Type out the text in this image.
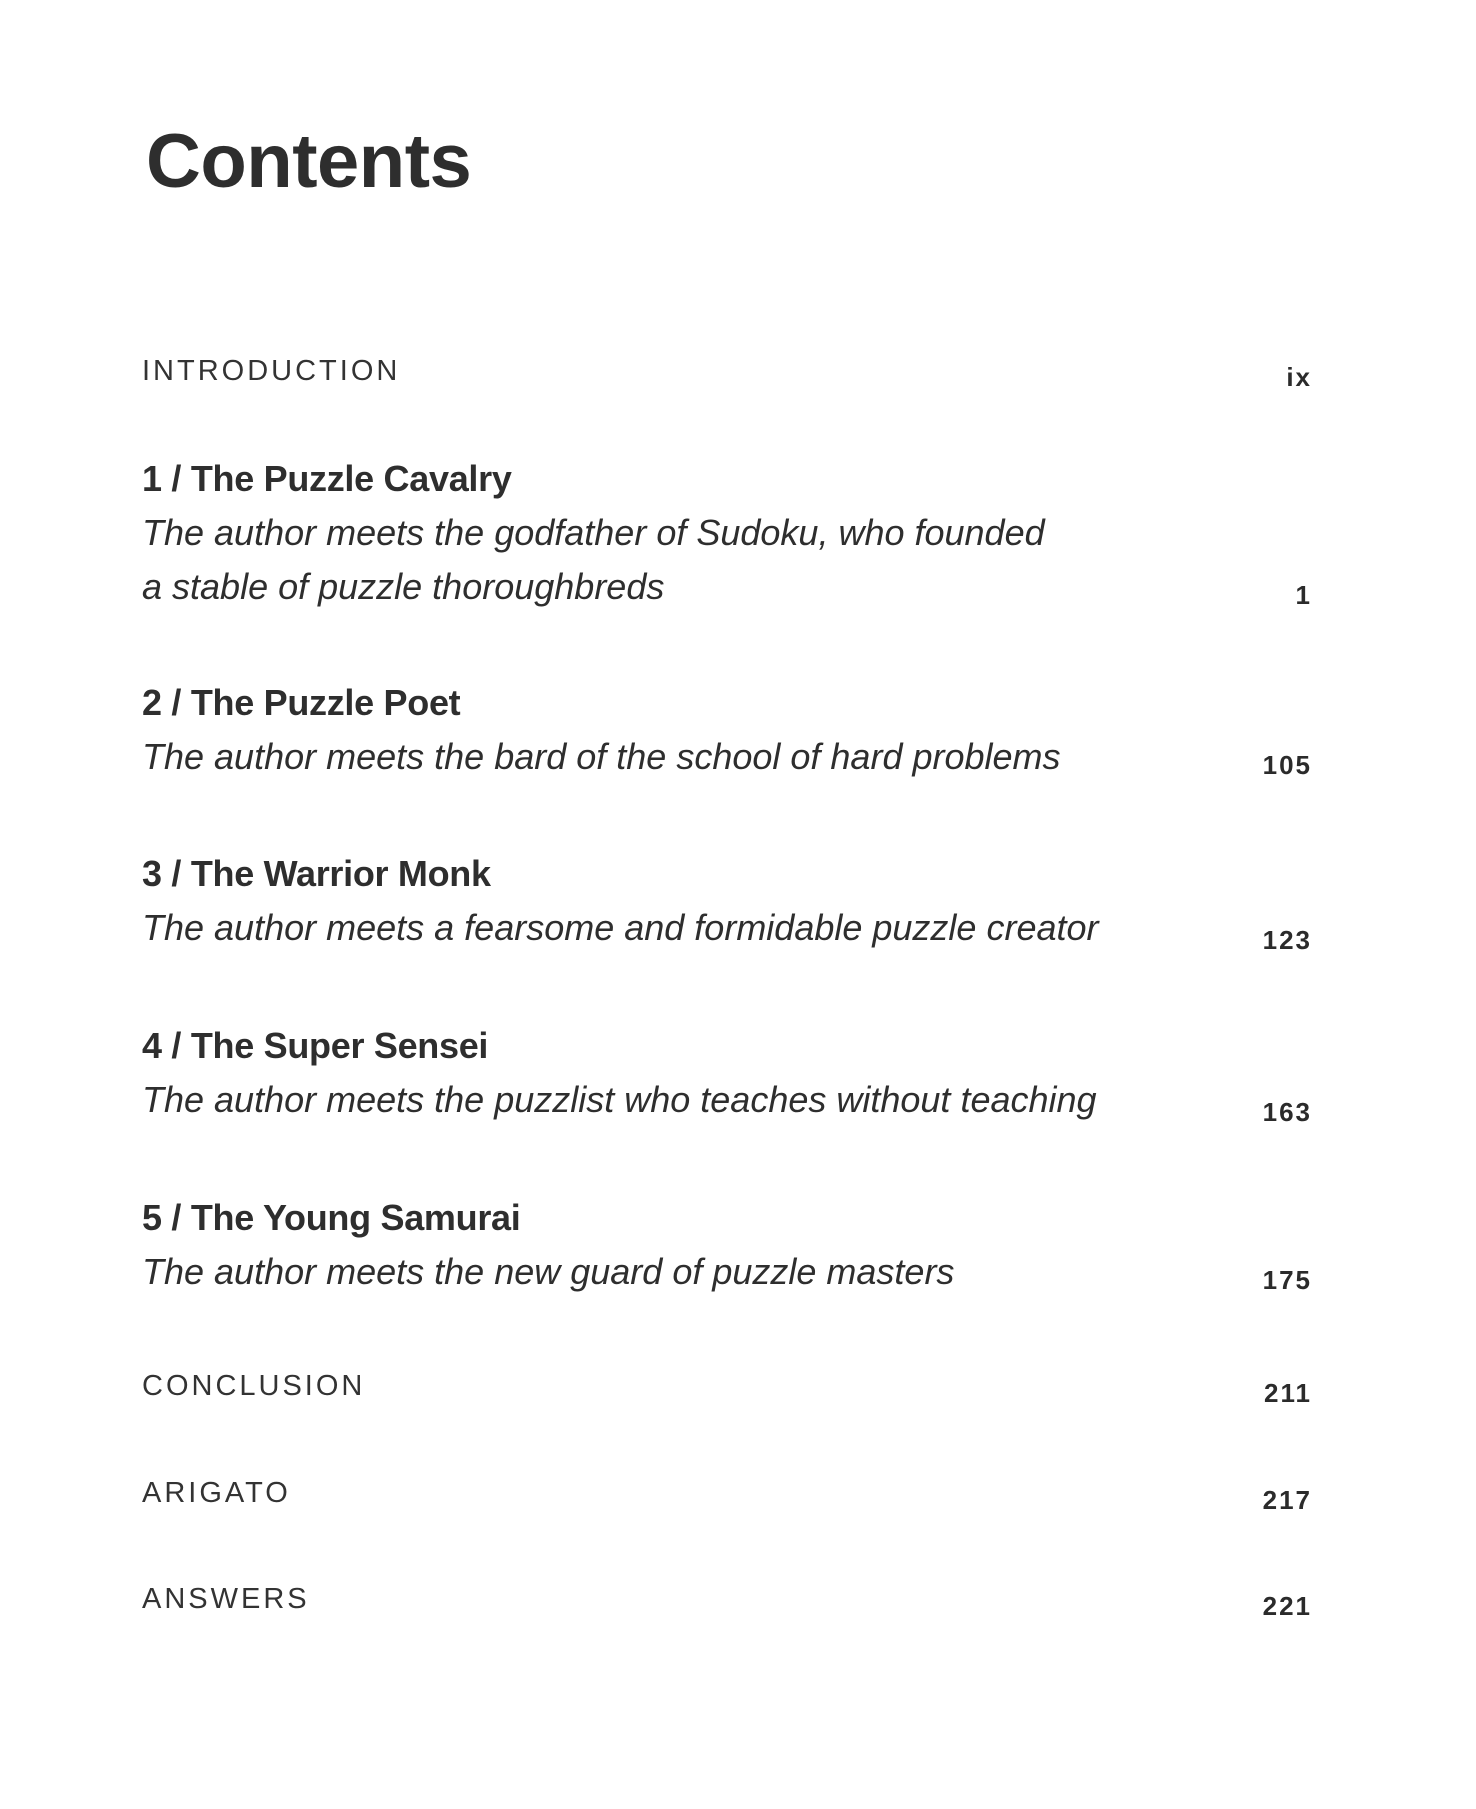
Contents
INTRODUCTION	ix
1 / The Puzzle Cavalry
The author meets the godfather of Sudoku, who founded
a stable of puzzle thoroughbreds	1
2 / The Puzzle Poet
The author meets the bard of the school of hard problems	105
3 / The Warrior Monk
The author meets a fearsome and formidable puzzle creator	123
4 / The Super Sensei
The author meets the puzzlist who teaches without teaching	163
5 / The Young Samurai
The author meets the new guard of puzzle masters	175
CONCLUSION	211
ARIGATO	217
ANSWERS	221
